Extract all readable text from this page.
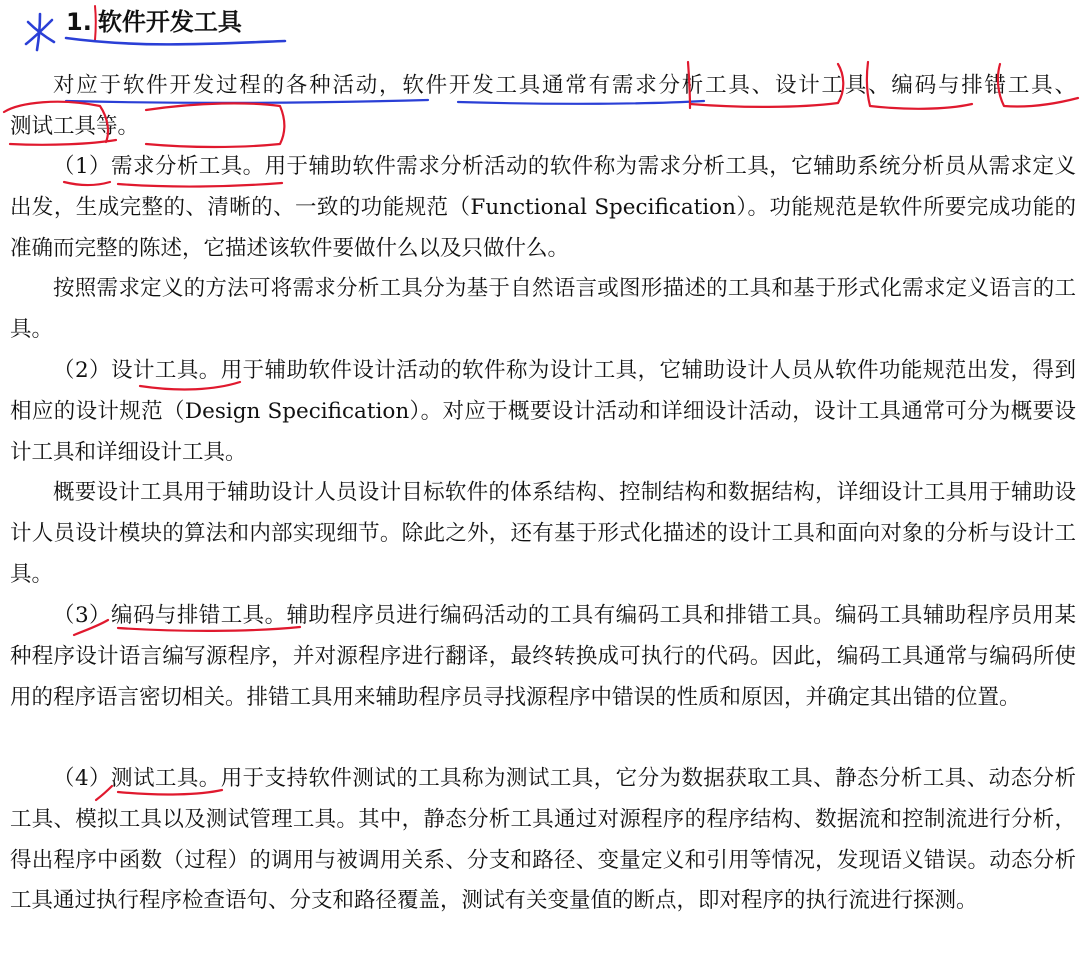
1. 软件开发工具

对应于软件开发过程的各种活动，软件开发工具通常有需求分析工具、设计工具、编码与排错工具、测试工具等。

（1）需求分析工具。用于辅助软件需求分析活动的软件称为需求分析工具，它辅助系统分析员从需求定义出发，生成完整的、清晰的、一致的功能规范（Functional Specification）。功能规范是软件所要完成功能的准确而完整的陈述，它描述该软件要做什么以及只做什么。

按照需求定义的方法可将需求分析工具分为基于自然语言或图形描述的工具和基于形式化需求定义语言的工具。

（2）设计工具。用于辅助软件设计活动的软件称为设计工具，它辅助设计人员从软件功能规范出发，得到相应的设计规范（Design Specification）。对应于概要设计活动和详细设计活动，设计工具通常可分为概要设计工具和详细设计工具。

概要设计工具用于辅助设计人员设计目标软件的体系结构、控制结构和数据结构，详细设计工具用于辅助设计人员设计模块的算法和内部实现细节。除此之外，还有基于形式化描述的设计工具和面向对象的分析与设计工具。

（3）编码与排错工具。辅助程序员进行编码活动的工具有编码工具和排错工具。编码工具辅助程序员用某种程序设计语言编写源程序，并对源程序进行翻译，最终转换成可执行的代码。因此，编码工具通常与编码所使用的程序语言密切相关。排错工具用来辅助程序员寻找源程序中错误的性质和原因，并确定其出错的位置。

（4）测试工具。用于支持软件测试的工具称为测试工具，它分为数据获取工具、静态分析工具、动态分析工具、模拟工具以及测试管理工具。其中，静态分析工具通过对源程序的程序结构、数据流和控制流进行分析，得出程序中函数（过程）的调用与被调用关系、分支和路径、变量定义和引用等情况，发现语义错误。动态分析工具通过执行程序检查语句、分支和路径覆盖，测试有关变量值的断点，即对程序的执行流进行探测。
